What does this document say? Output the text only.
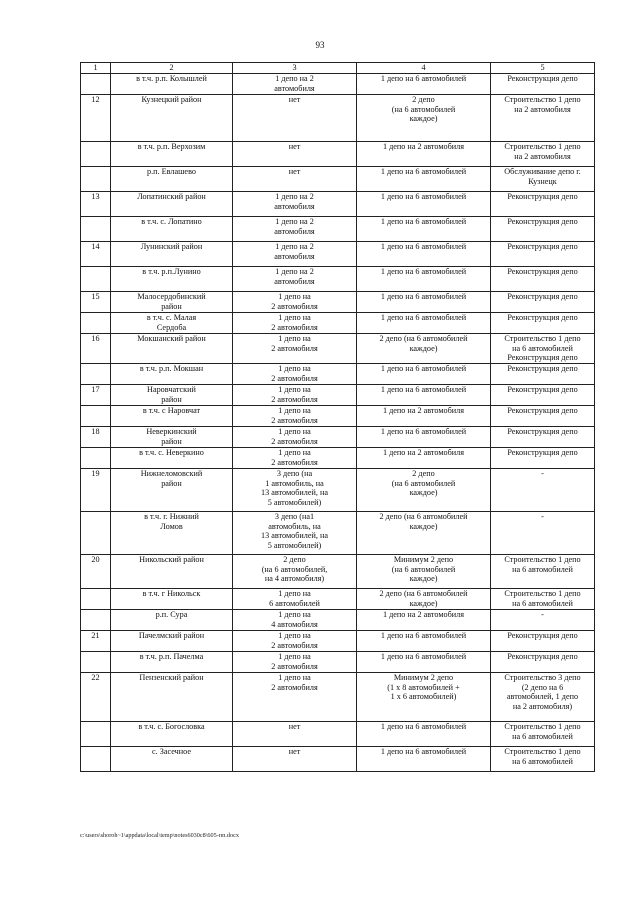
93
1	2	3	4	5
	в т.ч. р.п. Колышлей	1 депо на 2
автомобиля	1 депо на 6 автомобилей	Реконструкция депо
12	Кузнецкий район	нет	2 депо
(на 6 автомобилей
каждое)	Строительство 1 депо
на 2 автомобиля
	в т.ч. р.п. Верхозим	нет	1 депо на 2 автомобиля	Строительство 1 депо
на 2 автомобиля
	р.п. Евлашево	нет	1 депо на 6 автомобилей	Обслуживание депо г.
Кузнецк
13	Лопатинский район	1 депо на 2
автомобиля	1 депо на 6 автомобилей	Реконструкция депо
	в т.ч. с. Лопатино	1 депо на 2
автомобиля	1 депо на 6 автомобилей	Реконструкция депо
14	Лунинский район	1 депо на 2
автомобиля	1 депо на 6 автомобилей	Реконструкция депо
	в т.ч. р.п.Лунино	1 депо на 2
автомобиля	1 депо на 6 автомобилей	Реконструкция депо
15	Малосердобинский
район	1 депо на
2 автомобиля	1 депо на 6 автомобилей	Реконструкция депо
	в т.ч. с. Малая
Сердоба	1 депо на
2 автомобиля	1 депо на 6 автомобилей	Реконструкция депо
16	Мокшанский район	1 депо на
2 автомобиля	2 депо (на 6 автомобилей
каждое)	Строительство 1 депо
на 6 автомобилей
Реконструкция депо
	в т.ч. р.п. Мокшан	1 депо на
2 автомобиля	1 депо на 6 автомобилей	Реконструкция депо
17	Наровчатский
район	1 депо на
2 автомобиля	1 депо на 6 автомобилей	Реконструкция депо
	в т.ч. с Наровчат	1 депо на
2 автомобиля	1 депо на 2 автомобиля	Реконструкция депо
18	Неверкинский
район	1 депо на
2 автомобиля	1 депо на 6 автомобилей	Реконструкция депо
	в т.ч. с. Неверкино	1 депо на
2 автомобиля	1 депо на 2 автомобиля	Реконструкция депо
19	Нижнеломовский
район	3 депо (на
1 автомобиль, на
13 автомобилей, на
5 автомобилей)	2 депо
(на 6 автомобилей
каждое)	-
	в т.ч. г. Нижний
Ломов	3 депо (на1
автомобиль, на
13 автомобилей, на
5 автомобилей)	2 депо (на 6 автомобилей
каждое)	-
20	Никольский район	2 депо
(на 6 автомобилей,
на 4 автомобиля)	Минимум 2 депо
(на 6 автомобилей
каждое)	Строительство 1 депо
на 6 автомобилей
	в т.ч. г Никольск	1 депо на
6 автомобилей	2 депо (на 6 автомобилей
каждое)	Строительство 1 депо
на 6 автомобилей
	р.п. Сура	1 депо на
4 автомобиля	1 депо на 2 автомобиля	-
21	Пачелмский район	1 депо на
2 автомобиля	1 депо на 6 автомобилей	Реконструкция депо
	в т.ч. р.п. Пачелма	1 депо на
2 автомобиля	1 депо на 6 автомобилей	Реконструкция депо
22	Пензенский район	1 депо на
2 автомобиля	Минимум 2 депо
(1 х 8 автомобилей +
1 х 6 автомобилей)	Строительство 3 депо
(2 депо на 6
автомобилей, 1 депо
на 2 автомобиля)
	в т.ч. с. Богословка	нет	1 депо на 6 автомобилей	Строительство 1 депо
на 6 автомобилей
	с. Засечное	нет	1 депо на 6 автомобилей	Строительство 1 депо
на 6 автомобилей
c:\users\shoroh~1\appdata\local\temp\notes6030c8\605-пп.docx
